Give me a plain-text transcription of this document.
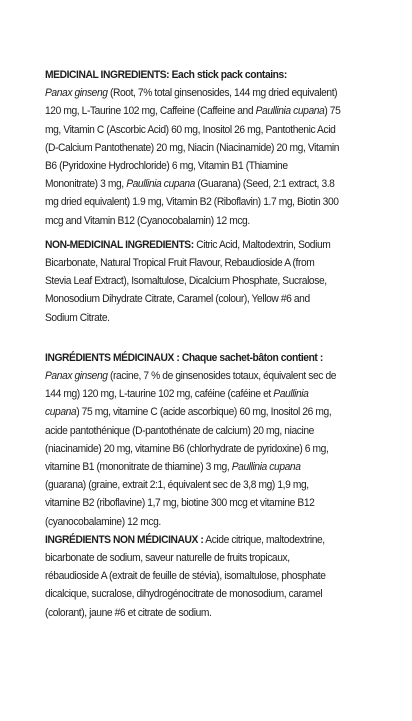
MEDICINAL INGREDIENTS: Each stick pack contains:
Panax ginseng (Root, 7% total ginsenosides, 144 mg dried equivalent) 120 mg, L-Taurine 102 mg, Caffeine (Caffeine and Paullinia cupana) 75 mg, Vitamin C (Ascorbic Acid) 60 mg, Inositol 26 mg, Pantothenic Acid (D-Calcium Pantothenate) 20 mg, Niacin (Niacinamide) 20 mg, Vitamin B6 (Pyridoxine Hydrochloride) 6 mg, Vitamin B1 (Thiamine Mononitrate) 3 mg, Paullinia cupana (Guarana) (Seed, 2:1 extract, 3.8 mg dried equivalent) 1.9 mg, Vitamin B2 (Riboflavin) 1.7 mg, Biotin 300 mcg and Vitamin B12 (Cyanocobalamin) 12 mcg.

NON-MEDICINAL INGREDIENTS: Citric Acid, Maltodextrin, Sodium Bicarbonate, Natural Tropical Fruit Flavour, Rebaudioside A (from Stevia Leaf Extract), Isomaltulose, Dicalcium Phosphate, Sucralose, Monosodium Dihydrate Citrate, Caramel (colour), Yellow #6 and Sodium Citrate.

INGRÉDIENTS MÉDICINAUX : Chaque sachet-bâton contient : Panax ginseng (racine, 7 % de ginsenosides totaux, équivalent sec de 144 mg) 120 mg, L-taurine 102 mg, caféine (caféine et Paullinia cupana) 75 mg, vitamine C (acide ascorbique) 60 mg, Inositol 26 mg, acide pantothénique (D-pantothénate de calcium) 20 mg, niacine (niacinamide) 20 mg, vitamine B6 (chlorhydrate de pyridoxine) 6 mg, vitamine B1 (mononitrate de thiamine) 3 mg, Paullinia cupana (guarana) (graine, extrait 2:1, équivalent sec de 3,8 mg) 1,9 mg, vitamine B2 (riboflavine) 1,7 mg, biotine 300 mcg et vitamine B12 (cyanocobalamine) 12 mcg.

INGRÉDIENTS NON MÉDICINAUX : Acide citrique, maltodextrine, bicarbonate de sodium, saveur naturelle de fruits tropicaux, rébaudioside A (extrait de feuille de stévia), isomaltulose, phosphate dicalcique, sucralose, dihydrogénocitrate de monosodium, caramel (colorant), jaune #6 et citrate de sodium.
